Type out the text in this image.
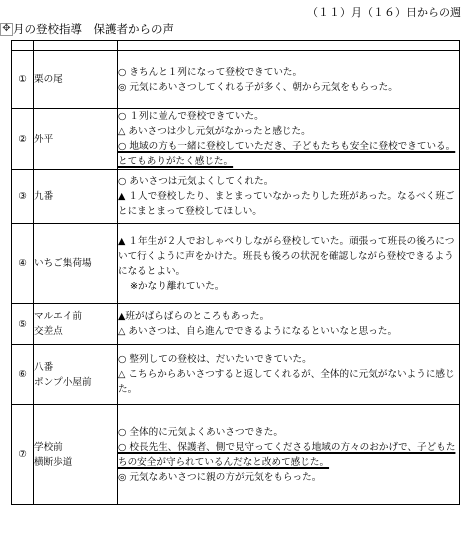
（１１）月（１６）日からの週
✥ 月の登校指導　保護者からの声

①	栗の尾	○ きちんと１列になって登校できていた。
◎ 元気にあいさつしてくれる子が多く、朝から元気をもらった。

②	外平	○ １列に並んで登校できていた。
△ あいさつは少し元気がなかったと感じた。
○ 地域の方も一緒に登校していただき、子どもたちも安全に登校できている。とてもありがたく感じた。

③	九番	○ あいさつは元気よくしてくれた。
▲ １人で登校したり、まとまっていなかったりした班があった。なるべく班ごとにまとまって登校してほしい。

④	いちご集荷場	▲ １年生が２人でおしゃべりしながら登校していた。頑張って班長の後ろについて行くように声をかけた。班長も後ろの状況を確認しながら登校できるようになるとよい。
※かなり離れていた。

⑤	マルエイ前
交差点	▲班がばらばらのところもあった。
△ あいさつは、自ら進んでできるようになるといいなと思った。

⑥	八番
ポンプ小屋前	○ 整列しての登校は、だいたいできていた。
△ こちらからあいさつすると返してくれるが、全体的に元気がないように感じた。

⑦	学校前
横断歩道	○ 全体的に元気よくあいさつできた。
○ 校長先生、保護者、側で見守ってくださる地域の方々のおかげで、子どもたちの安全が守られているんだなと改めて感じた。
◎ 元気なあいさつに親の方が元気をもらった。
